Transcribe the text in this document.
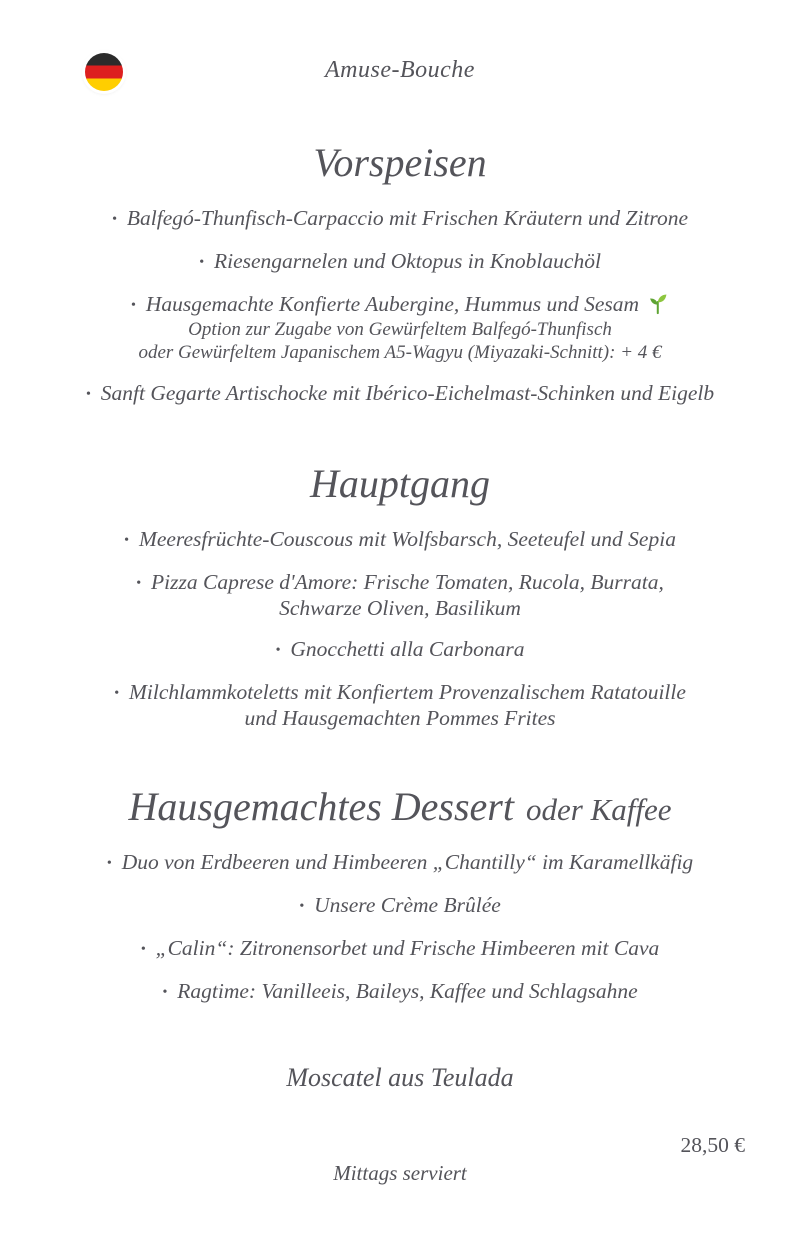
Amuse-Bouche
Vorspeisen
• Balfegó-Thunfisch-Carpaccio mit Frischen Kräutern und Zitrone
• Riesengarnelen und Oktopus in Knoblauchöl
• Hausgemachte Konfierte Aubergine, Hummus und Sesam
Option zur Zugabe von Gewürfeltem Balfegó-Thunfisch
oder Gewürfeltem Japanischem A5-Wagyu (Miyazaki-Schnitt): + 4 €
• Sanft Gegarte Artischocke mit Ibérico-Eichelmast-Schinken und Eigelb
Hauptgang
• Meeresfrüchte-Couscous mit Wolfsbarsch, Seeteufel und Sepia
• Pizza Caprese d'Amore: Frische Tomaten, Rucola, Burrata,
Schwarze Oliven, Basilikum
• Gnocchetti alla Carbonara
• Milchlammkoteletts mit Konfiertem Provenzalischem Ratatouille
und Hausgemachten Pommes Frites
Hausgemachtes Dessert oder Kaffee
• Duo von Erdbeeren und Himbeeren „Chantilly“ im Karamellkäfig
• Unsere Crème Brûlée
• „Calin“: Zitronensorbet und Frische Himbeeren mit Cava
• Ragtime: Vanilleeis, Baileys, Kaffee und Schlagsahne
Moscatel aus Teulada
28,50 €
Mittags serviert
